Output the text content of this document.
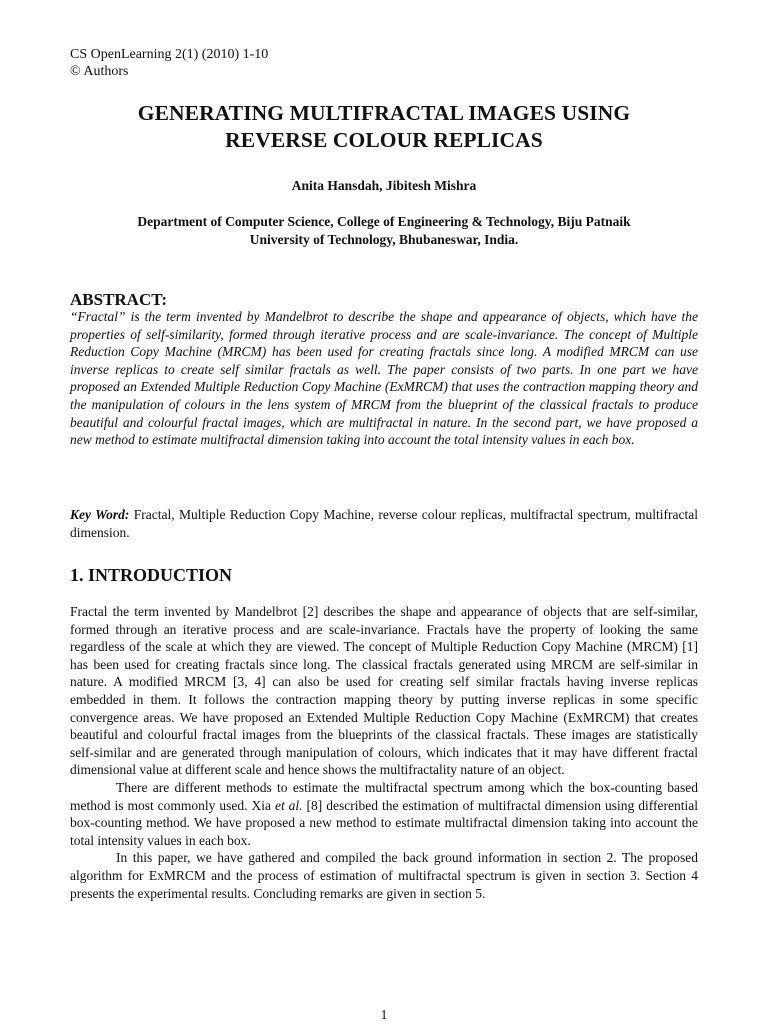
CS OpenLearning 2(1) (2010) 1-10
© Authors
GENERATING MULTIFRACTAL IMAGES USING
REVERSE COLOUR REPLICAS
Anita Hansdah, Jibitesh Mishra
Department of Computer Science, College of Engineering & Technology, Biju Patnaik
University of Technology, Bhubaneswar, India.
ABSTRACT:

“Fractal” is the term invented by Mandelbrot to describe the shape and appearance of objects, which have the properties of self-similarity, formed through iterative process and are scale-invariance. The concept of Multiple Reduction Copy Machine (MRCM) has been used for creating fractals since long. A modified MRCM can use inverse replicas to create self similar fractals as well. The paper consists of two parts. In one part we have proposed an Extended Multiple Reduction Copy Machine (ExMRCM) that uses the contraction mapping theory and the manipulation of colours in the lens system of MRCM from the blueprint of the classical fractals to produce beautiful and colourful fractal images, which are multifractal in nature. In the second part, we have proposed a new method to estimate multifractal dimension taking into account the total intensity values in each box.

Key Word: Fractal, Multiple Reduction Copy Machine, reverse colour replicas, multifractal spectrum, multifractal dimension.

1. INTRODUCTION

Fractal the term invented by Mandelbrot [2] describes the shape and appearance of objects that are self-similar, formed through an iterative process and are scale-invariance. Fractals have the property of looking the same regardless of the scale at which they are viewed. The concept of Multiple Reduction Copy Machine (MRCM) [1] has been used for creating fractals since long. The classical fractals generated using MRCM are self-similar in nature. A modified MRCM [3, 4] can also be used for creating self similar fractals having inverse replicas embedded in them. It follows the contraction mapping theory by putting inverse replicas in some specific convergence areas. We have proposed an Extended Multiple Reduction Copy Machine (ExMRCM) that creates beautiful and colourful fractal images from the blueprints of the classical fractals. These images are statistically self-similar and are generated through manipulation of colours, which indicates that it may have different fractal dimensional value at different scale and hence shows the multifractality nature of an object.

There are different methods to estimate the multifractal spectrum among which the box-counting based method is most commonly used. Xia et al. [8] described the estimation of multifractal dimension using differential box-counting method. We have proposed a new method to estimate multifractal dimension taking into account the total intensity values in each box.

In this paper, we have gathered and compiled the back ground information in section 2. The proposed algorithm for ExMRCM and the process of estimation of multifractal spectrum is given in section 3. Section 4 presents the experimental results. Concluding remarks are given in section 5.

1
